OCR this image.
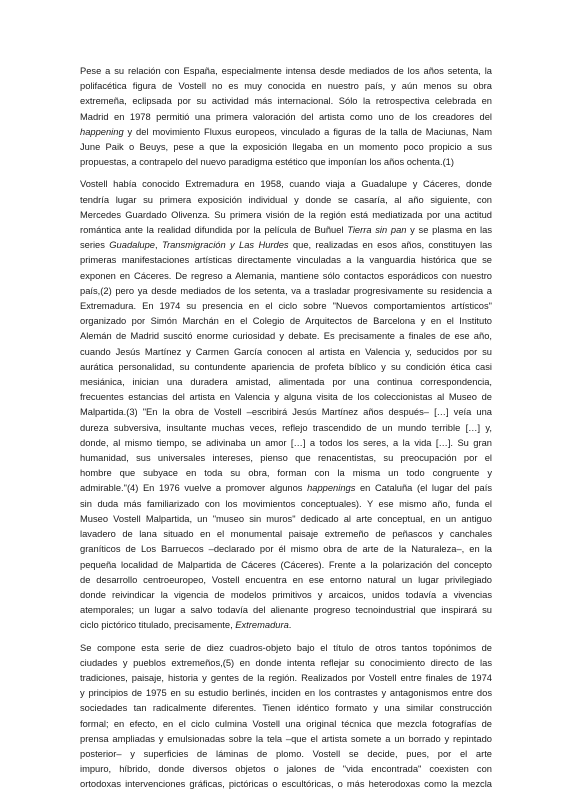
Pese a su relación con España, especialmente intensa desde mediados de los años setenta, la
polifacética figura de Vostell no es muy conocida en nuestro país, y aún menos su obra
extremeña, eclipsada por su actividad más internacional. Sólo la retrospectiva celebrada en
Madrid en 1978 permitió una primera valoración del artista como uno de los creadores del
happening y del movimiento Fluxus europeos, vinculado a figuras de la talla de Maciunas, Nam
June Paik o Beuys, pese a que la exposición llegaba en un momento poco propicio a sus
propuestas, a contrapelo del nuevo paradigma estético que imponían los años ochenta.(1)

Vostell había conocido Extremadura en 1958, cuando viaja a Guadalupe y Cáceres, donde
tendría lugar su primera exposición individual y donde se casaría, al año siguiente, con
Mercedes Guardado Olivenza. Su primera visión de la región está mediatizada por una actitud
romántica ante la realidad difundida por la película de Buñuel Tierra sin pan y se plasma en las
series Guadalupe, Transmigración y Las Hurdes que, realizadas en esos años, constituyen las
primeras manifestaciones artísticas directamente vinculadas a la vanguardia histórica que se
exponen en Cáceres. De regreso a Alemania, mantiene sólo contactos esporádicos con nuestro
país,(2) pero ya desde mediados de los setenta, va a trasladar progresivamente su residencia a
Extremadura. En 1974 su presencia en el ciclo sobre "Nuevos comportamientos artísticos"
organizado por Simón Marchán en el Colegio de Arquitectos de Barcelona y en el Instituto
Alemán de Madrid suscitó enorme curiosidad y debate. Es precisamente a finales de ese año,
cuando Jesús Martínez y Carmen García conocen al artista en Valencia y, seducidos por su
aurática personalidad, su contundente apariencia de profeta bíblico y su condición ética casi
mesiánica, inician una duradera amistad, alimentada por una continua correspondencia,
frecuentes estancias del artista en Valencia y alguna visita de los coleccionistas al Museo de
Malpartida.(3) "En la obra de Vostell –escribirá Jesús Martínez años después– […] veía una
dureza subversiva, insultante muchas veces, reflejo trascendido de un mundo terrible […] y,
donde, al mismo tiempo, se adivinaba un amor […] a todos los seres, a la vida […]. Su gran
humanidad, sus universales intereses, pienso que renacentistas, su preocupación por el
hombre que subyace en toda su obra, forman con la misma un todo congruente y
admirable."(4) En 1976 vuelve a promover algunos happenings en Cataluña (el lugar del país
sin duda más familiarizado con los movimientos conceptuales). Y ese mismo año, funda el
Museo Vostell Malpartida, un "museo sin muros" dedicado al arte conceptual, en un antiguo
lavadero de lana situado en el monumental paisaje extremeño de peñascos y canchales
graníticos de Los Barruecos –declarado por él mismo obra de arte de la Naturaleza–, en la
pequeña localidad de Malpartida de Cáceres (Cáceres). Frente a la polarización del concepto
de desarrollo centroeuropeo, Vostell encuentra en ese entorno natural un lugar privilegiado
donde reivindicar la vigencia de modelos primitivos y arcaicos, unidos todavía a vivencias
atemporales; un lugar a salvo todavía del alienante progreso tecnoindustrial que inspirará su
ciclo pictórico titulado, precisamente, Extremadura.

Se compone esta serie de diez cuadros-objeto bajo el título de otros tantos topónimos de
ciudades y pueblos extremeños,(5) en donde intenta reflejar su conocimiento directo de las
tradiciones, paisaje, historia y gentes de la región. Realizados por Vostell entre finales de 1974
y principios de 1975 en su estudio berlinés, inciden en los contrastes y antagonismos entre dos
sociedades tan radicalmente diferentes. Tienen idéntico formato y una similar construcción
formal; en efecto, en el ciclo culmina Vostell una original técnica que mezcla fotografías de
prensa ampliadas y emulsionadas sobre la tela –que el artista somete a un borrado y repintado
posterior– y superficies de láminas de plomo. Vostell se decide, pues, por el arte
impuro, híbrido, donde diversos objetos o jalones de "vida encontrada" coexisten con
ortodoxas intervenciones gráficas, pictóricas o escultóricas, o más heterodoxas como la mezcla
